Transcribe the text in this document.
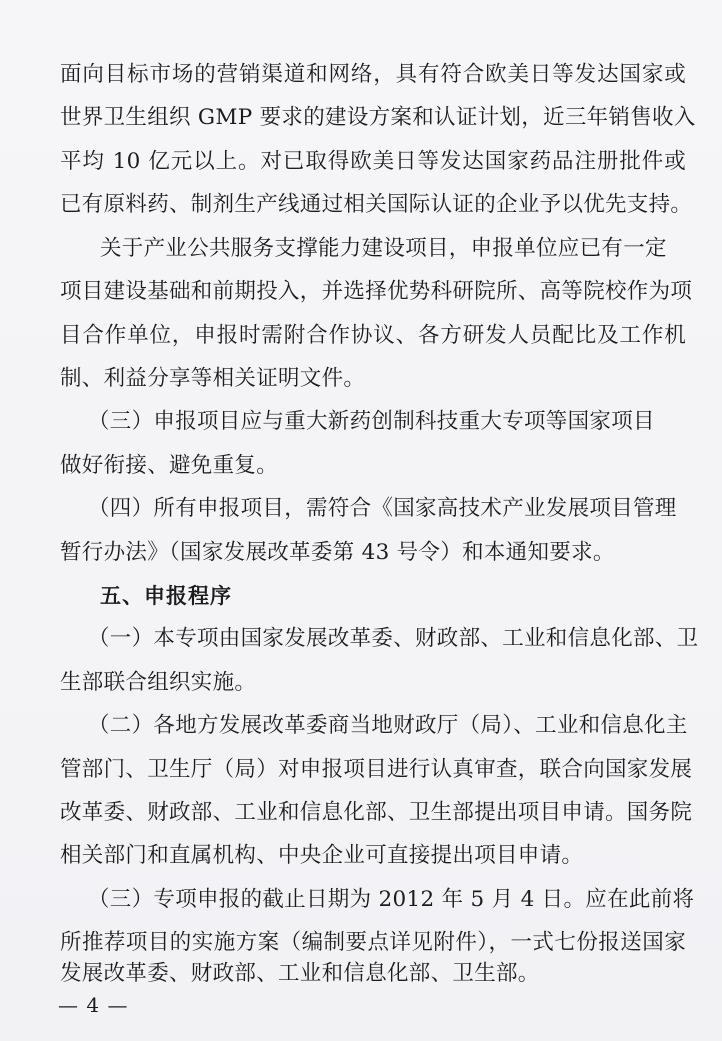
面向目标市场的营销渠道和网络，具有符合欧美日等发达国家或
世界卫生组织 GMP 要求的建设方案和认证计划，近三年销售收入
平均 10 亿元以上。对已取得欧美日等发达国家药品注册批件或
已有原料药、制剂生产线通过相关国际认证的企业予以优先支持。
关于产业公共服务支撑能力建设项目，申报单位应已有一定
项目建设基础和前期投入，并选择优势科研院所、高等院校作为项
目合作单位，申报时需附合作协议、各方研发人员配比及工作机
制、利益分享等相关证明文件。
（三）申报项目应与重大新药创制科技重大专项等国家项目
做好衔接、避免重复。
（四）所有申报项目，需符合《国家高技术产业发展项目管理
暂行办法》（国家发展改革委第 43 号令）和本通知要求。
五、申报程序
（一）本专项由国家发展改革委、财政部、工业和信息化部、卫
生部联合组织实施。
（二）各地方发展改革委商当地财政厅（局）、工业和信息化主
管部门、卫生厅（局）对申报项目进行认真审查，联合向国家发展
改革委、财政部、工业和信息化部、卫生部提出项目申请。国务院
相关部门和直属机构、中央企业可直接提出项目申请。
（三）专项申报的截止日期为 2012 年 5 月 4 日。应在此前将
所推荐项目的实施方案（编制要点详见附件），一式七份报送国家
发展改革委、财政部、工业和信息化部、卫生部。
— 4 —
